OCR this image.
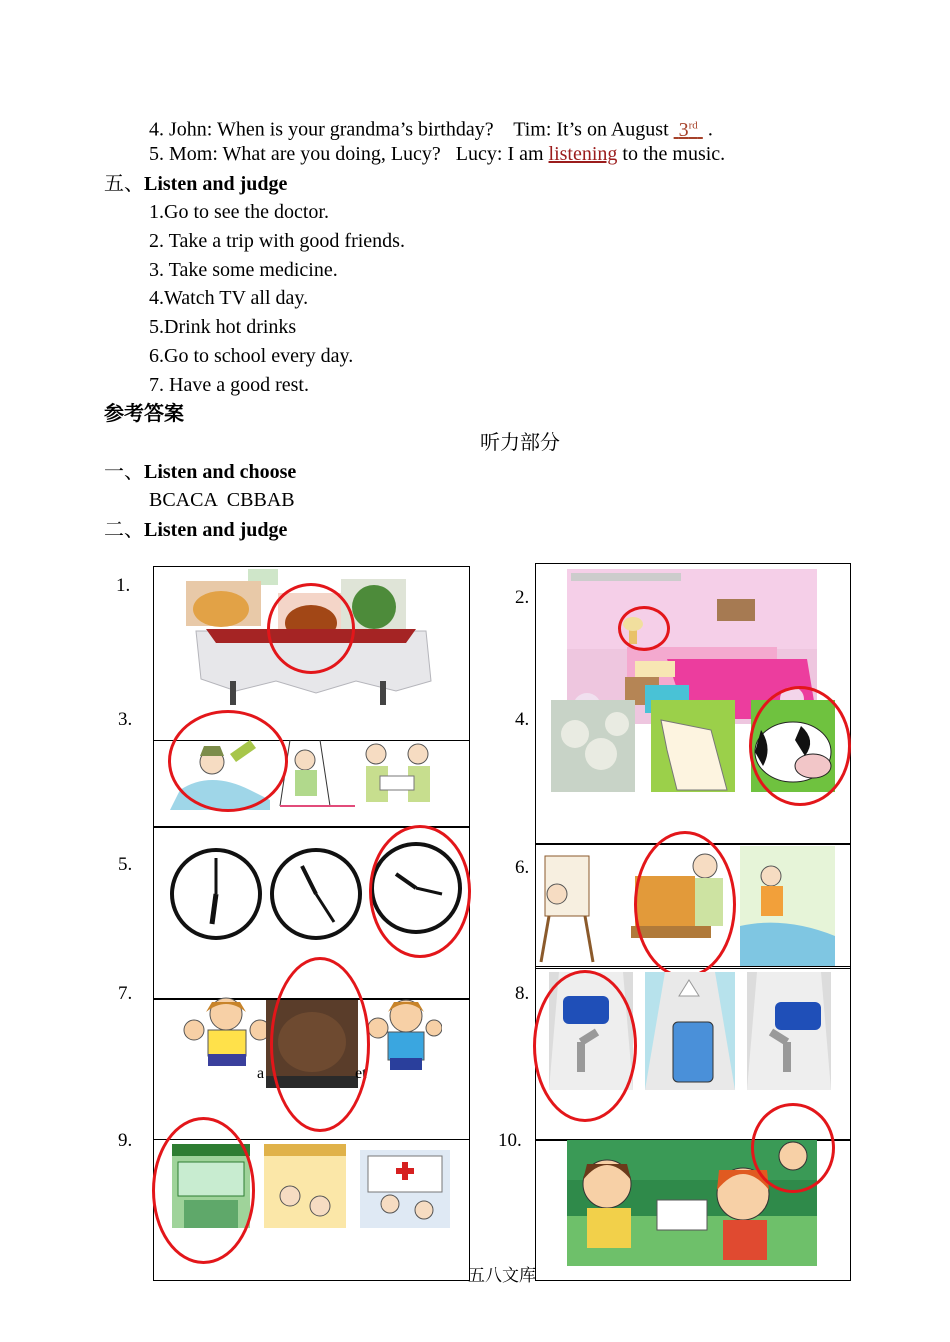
4. John: When is your grandma’s birthday?    Tim: It’s on August  3rd  .
5. Mom: What are you doing, Lucy?   Lucy: I am listening to the music.
五、Listen and judge
1.Go to see the doctor.
2. Take a trip with good friends.
3. Take some medicine.
4.Watch TV all day.
5.Drink hot drinks
6.Go to school every day.
7. Have a good rest.
参考答案
听力部分
一、Listen and choose
BCACA  CBBAB
二、Listen and judge
1.
2.
3.	4.
5.	6.
7.	8.
9.	10.
a	et
五八文库
